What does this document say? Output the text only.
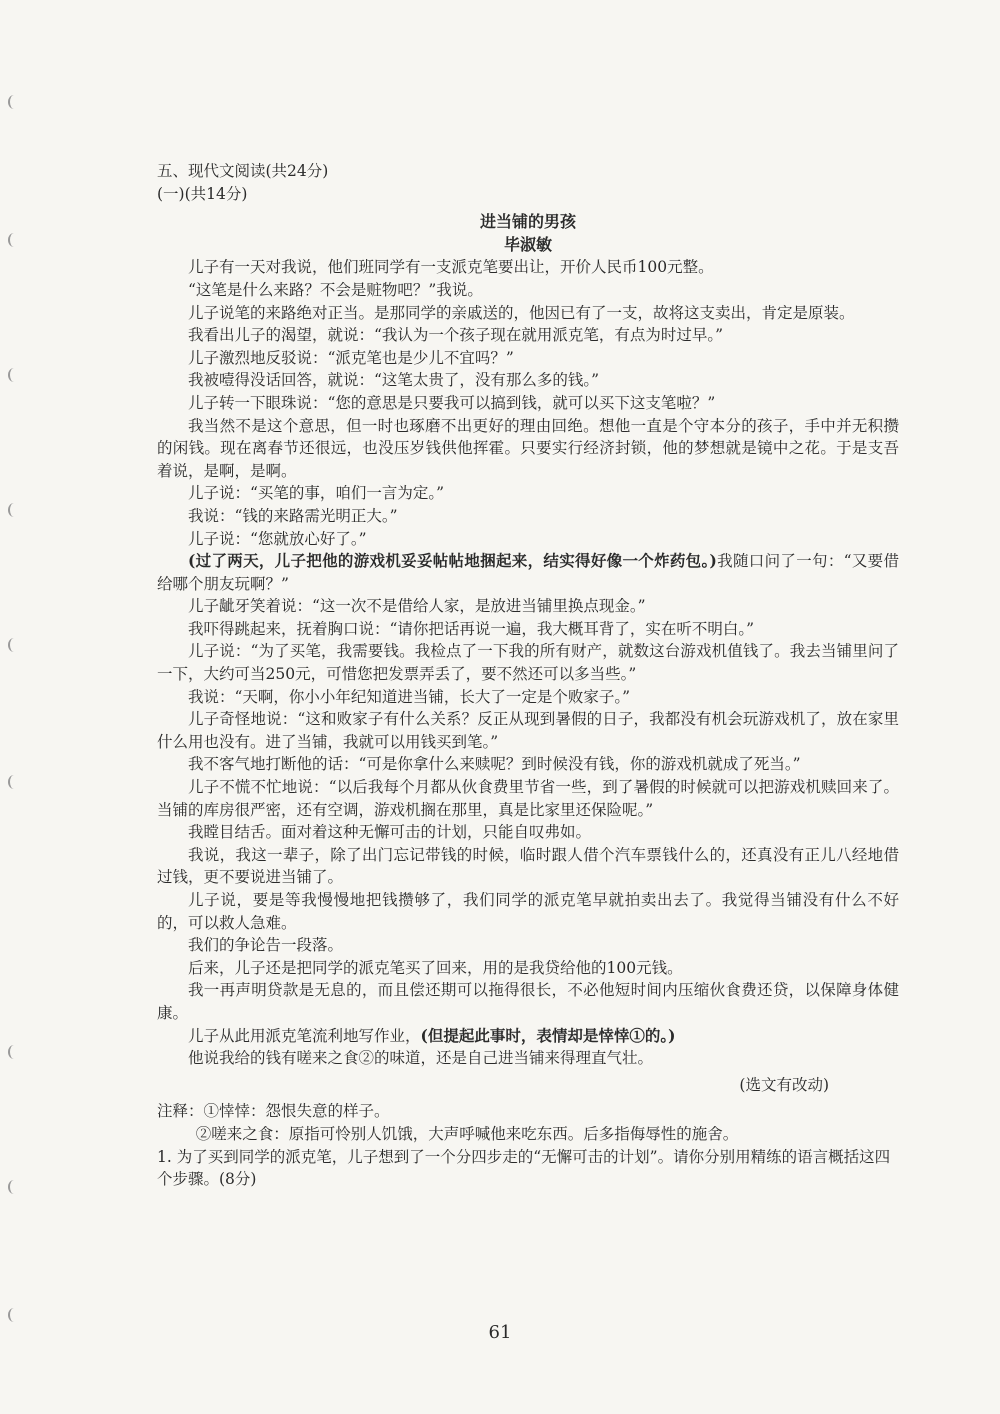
五、现代文阅读(共24分)

(一)(共14分)

进当铺的男孩
毕淑敏

儿子有一天对我说，他们班同学有一支派克笔要出让，开价人民币100元整。

“这笔是什么来路？不会是赃物吧？”我说。

儿子说笔的来路绝对正当。是那同学的亲戚送的，他因已有了一支，故将这支卖出，肯定是原装。

我看出儿子的渴望，就说：“我认为一个孩子现在就用派克笔，有点为时过早。”

儿子激烈地反驳说：“派克笔也是少儿不宜吗？”

我被噎得没话回答，就说：“这笔太贵了，没有那么多的钱。”

儿子转一下眼珠说：“您的意思是只要我可以搞到钱，就可以买下这支笔啦？”

我当然不是这个意思，但一时也琢磨不出更好的理由回绝。想他一直是个守本分的孩子，手中并无积攒的闲钱。现在离春节还很远，也没压岁钱供他挥霍。只要实行经济封锁，他的梦想就是镜中之花。于是支吾着说，是啊，是啊。

儿子说：“买笔的事，咱们一言为定。”

我说：“钱的来路需光明正大。”

儿子说：“您就放心好了。”

(过了两天，儿子把他的游戏机妥妥帖帖地捆起来，结实得好像一个炸药包。)我随口问了一句：“又要借给哪个朋友玩啊？”

儿子龇牙笑着说：“这一次不是借给人家，是放进当铺里换点现金。”

我吓得跳起来，抚着胸口说：“请你把话再说一遍，我大概耳背了，实在听不明白。”

儿子说：“为了买笔，我需要钱。我检点了一下我的所有财产，就数这台游戏机值钱了。我去当铺里问了一下，大约可当250元，可惜您把发票弄丢了，要不然还可以多当些。”

我说：“天啊，你小小年纪知道进当铺，长大了一定是个败家子。”

儿子奇怪地说：“这和败家子有什么关系？反正从现到暑假的日子，我都没有机会玩游戏机了，放在家里什么用也没有。进了当铺，我就可以用钱买到笔。”

我不客气地打断他的话：“可是你拿什么来赎呢？到时候没有钱，你的游戏机就成了死当。”

儿子不慌不忙地说：“以后我每个月都从伙食费里节省一些，到了暑假的时候就可以把游戏机赎回来了。当铺的库房很严密，还有空调，游戏机搁在那里，真是比家里还保险呢。”

我瞠目结舌。面对着这种无懈可击的计划，只能自叹弗如。

我说，我这一辈子，除了出门忘记带钱的时候，临时跟人借个汽车票钱什么的，还真没有正儿八经地借过钱，更不要说进当铺了。

儿子说，要是等我慢慢地把钱攒够了，我们同学的派克笔早就拍卖出去了。我觉得当铺没有什么不好的，可以救人急难。

我们的争论告一段落。

后来，儿子还是把同学的派克笔买了回来，用的是我贷给他的100元钱。

我一再声明贷款是无息的，而且偿还期可以拖得很长，不必他短时间内压缩伙食费还贷，以保障身体健康。

儿子从此用派克笔流利地写作业，(但提起此事时，表情却是悻悻①的。)

他说我给的钱有嗟来之食②的味道，还是自己进当铺来得理直气壮。

(选文有改动)

注释：①悻悻：怨恨失意的样子。

②嗟来之食：原指可怜别人饥饿，大声呼喊他来吃东西。后多指侮辱性的施舍。

1. 为了买到同学的派克笔，儿子想到了一个分四步走的“无懈可击的计划”。请你分别用精练的语言概括这四个步骤。(8分)

61
